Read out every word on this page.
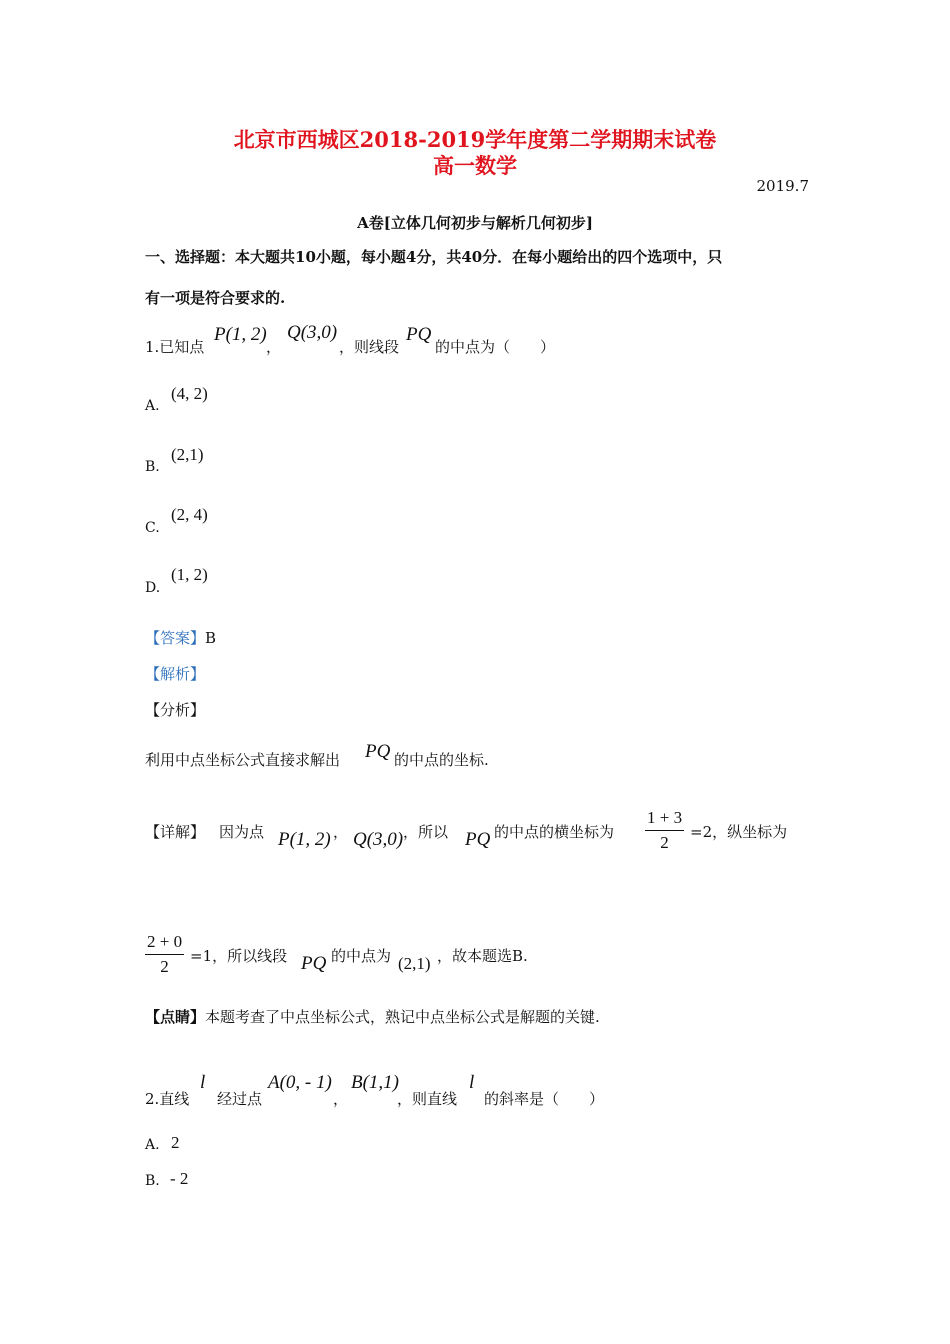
北京市西城区2018-2019学年度第二学期期末试卷
高一数学
2019.7
A卷[立体几何初步与解析几何初步]
一、选择题：本大题共10小题，每小题4分，共40分．在每小题给出的四个选项中，只
有一项是符合要求的.
1.已知点
P(1, 2)
，
Q(3,0)
，则线段
PQ
的中点为（　　）
A.
(4, 2)
B.
(2,1)
C.
(2, 4)
D.
(1, 2)
【答案】B
【解析】
【分析】
利用中点坐标公式直接求解出 PQ 的中点的坐标.
【详解】 因为点 P(1, 2) ， Q(3,0) ，所以 PQ 的中点的横坐标为
1 + 3
2
=2，纵坐标为
2 + 0
2
=1，所以线段 PQ 的中点为 (2,1) ，故本题选B.
【点睛】本题考查了中点坐标公式，熟记中点坐标公式是解题的关键.
2.直线
l
经过点
A(0, - 1)
，
B(1,1)
，则直线
l
的斜率是（　　）
A. 2
B. - 2
